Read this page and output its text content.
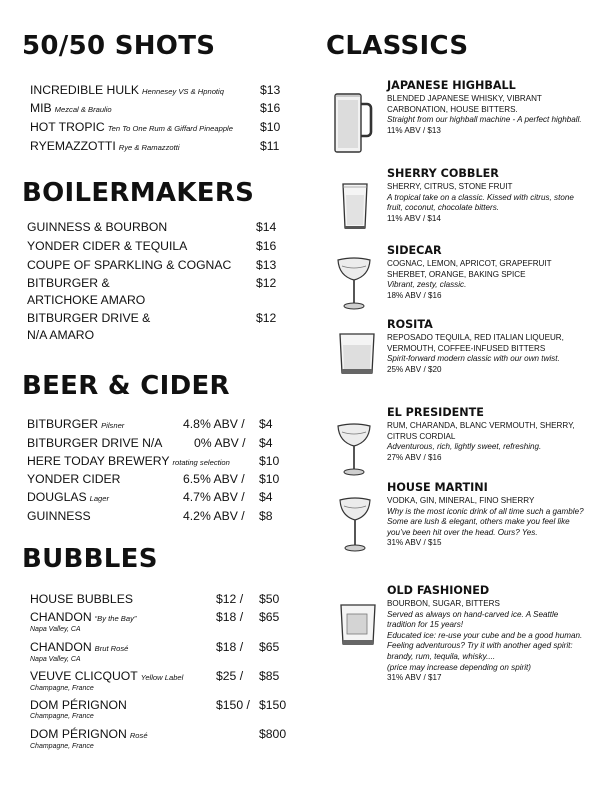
50/50 SHOTS
INCREDIBLE HULK Hennesey VS & Hpnotiq	$13
MIB Mezcal & Braulio	$16
HOT TROPIC Ten To One Rum & Giffard Pineapple $10
RYEMAZZOTTI Rye & Ramazzotti	$11
BOILERMAKERS
GUINNESS & BOURBON	$14
YONDER CIDER & TEQUILA	$16
COUPE OF SPARKLING & COGNAC $13
BITBURGER &
ARTICHOKE AMARO
$12
BITBURGER DRIVE &
N/A AMARO
$12
BEER & CIDER
BITBURGER Pilsner	4.8% ABV / $4
BITBURGER DRIVE N/A	0% ABV / $4
HERE TODAY BREWERY rotating selection $10
YONDER CIDER	6.5% ABV / $10
DOUGLAS Lager	4.7% ABV / $4
GUINNESS	4.2% ABV / $8
BUBBLES
HOUSE BUBBLES	$12 / $50
CHANDON “By the Bay”
Napa Valley, CA
$18 / $65
CHANDON Brut Rosé
Napa Valley, CA
$18 / $65
VEUVE CLICQUOT Yellow Label
Champagne, France
$25 / $85
DOM PÉRIGNON
Champagne, France
$150 / $150
DOM PÉRIGNON Rosé
Champagne, France
$800
CLASSICS
JAPANESE HIGHBALL
BLENDED JAPANESE WHISKY, VIBRANT CARBONATION, HOUSE BITTERS.
Straight from our highball machine - A perfect highball.
11% ABV / $13
SHERRY COBBLER
SHERRY, CITRUS, STONE FRUIT
A tropical take on a classic. Kissed with citrus, stone fruit, coconut, chocolate bitters.
11% ABV / $14
SIDECAR
COGNAC, LEMON, APRICOT, GRAPEFRUIT SHERBET, ORANGE, BAKING SPICE
Vibrant, zesty, classic.
18% ABV / $16
ROSITA
REPOSADO TEQUILA, RED ITALIAN LIQUEUR, VERMOUTH, COFFEE-INFUSED BITTERS
Spirit-forward modern classic with our own twist.
25% ABV / $20
EL PRESIDENTE
RUM, CHARANDA, BLANC VERMOUTH, SHERRY, CITRUS CORDIAL
Adventurous, rich, lightly sweet, refreshing.
27% ABV / $16
HOUSE MARTINI
VODKA, GIN, MINERAL, FINO SHERRY
Why is the most iconic drink of all time such a gamble? Some are lush & elegant, others make you feel like you’ve been hit over the head. Ours? Yes.
31% ABV / $15
OLD FASHIONED
BOURBON, SUGAR, BITTERS
Served as always on hand-carved ice. A Seattle tradition for 15 years!
Educated ice: re-use your cube and be a good human.
Feeling adventurous? Try it with another aged spirit: brandy, rum, tequila, whisky....
(price may increase depending on spirit)
31% ABV / $17
